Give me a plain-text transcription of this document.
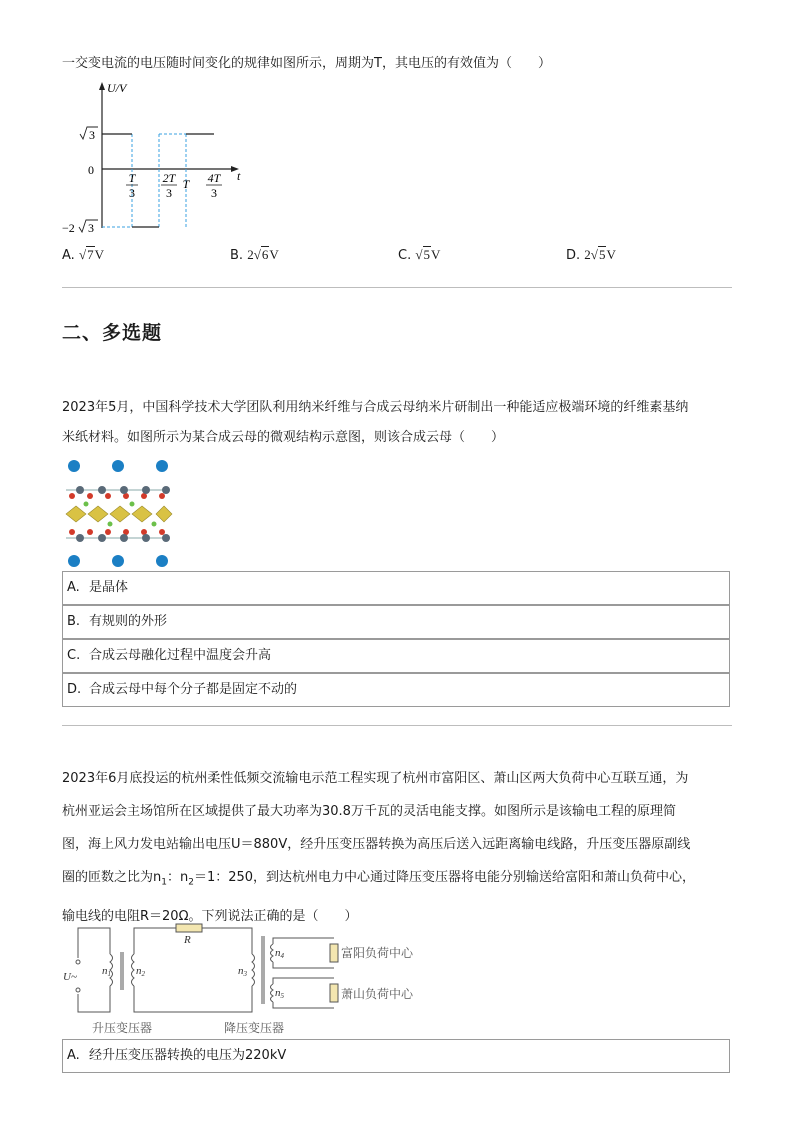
一交变电流的电压随时间变化的规律如图所示，周期为T，其电压的有效值为（　　）
U/V
t
0
3
−2 3
T
3
2T
3
T 4T
3
A. √7V	B. 2√6V	C. √5V	D. 2√5V
二、多选题
2023年5月，中国科学技术大学团队利用纳米纤维与合成云母纳米片研制出一种能适应极端环境的纤维素基纳
米纸材料。如图所示为某合成云母的微观结构示意图，则该合成云母（　　）
A. 是晶体
B. 有规则的外形
C. 合成云母融化过程中温度会升高
D. 合成云母中每个分子都是固定不动的
2023年6月底投运的杭州柔性低频交流输电示范工程实现了杭州市富阳区、萧山区两大负荷中心互联互通，为
杭州亚运会主场馆所在区域提供了最大功率为30.8万千瓦的灵活电能支撑。如图所示是该输电工程的原理简
图，海上风力发电站输出电压U＝880V，经升压变压器转换为高压后送入远距离输电线路，升压变压器原副线
圈的匝数之比为$n_1$：$n_2=1$：250，到达杭州电力中心通过降压变压器将电能分别输送给富阳和萧山负荷中心，
输电线的电阻R＝20Ω。下列说法正确的是（　　）
U~
R
n1 n2	n3
n4
n5
富阳负荷中心
萧山负荷中心
升压变压器	降压变压器
A. 经升压变压器转换的电压为220kV
